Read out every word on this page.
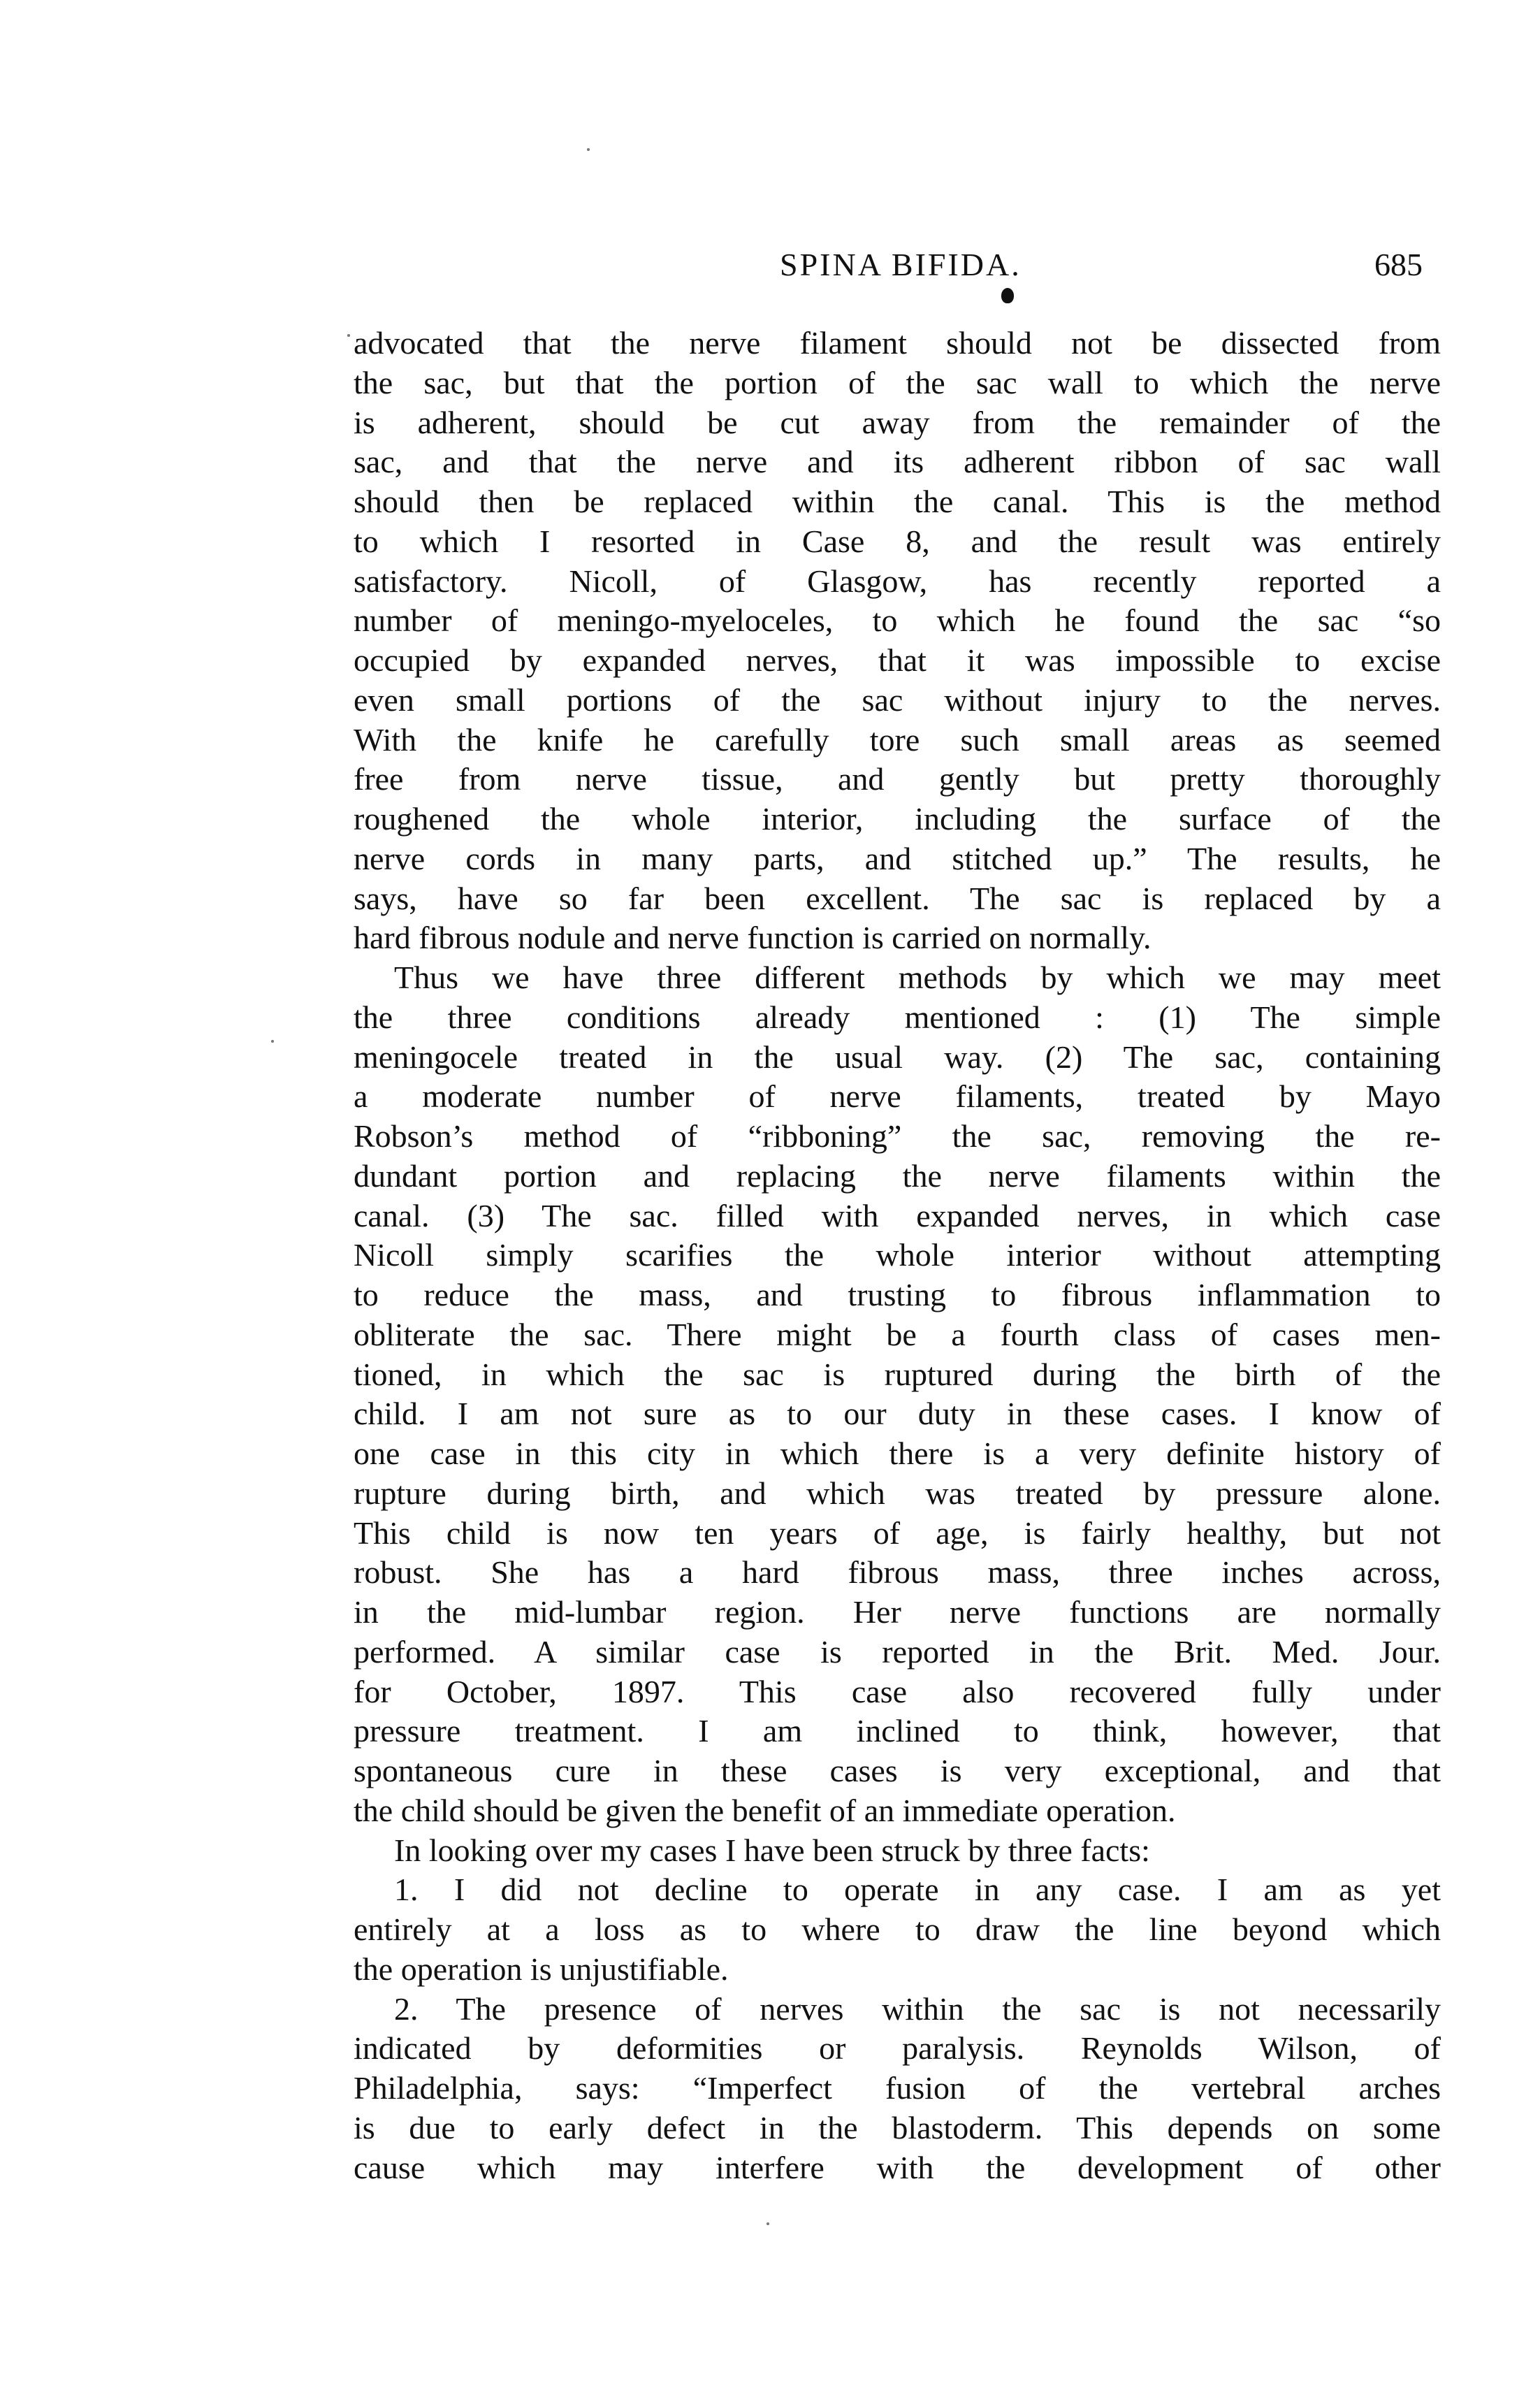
SPINA BIFIDA.	685
advocated that the nerve filament should not be dissected from
the sac, but that the portion of the sac wall to which the nerve
is adherent, should be cut away from the remainder of the
sac, and that the nerve and its adherent ribbon of sac wall
should then be replaced within the canal. This is the method
to which I resorted in Case 8, and the result was entirely
satisfactory. Nicoll, of Glasgow, has recently reported a
number of meningo-myeloceles, to which he found the sac “so
occupied by expanded nerves, that it was impossible to excise
even small portions of the sac without injury to the nerves.
With the knife he carefully tore such small areas as seemed
free from nerve tissue, and gently but pretty thoroughly
roughened the whole interior, including the surface of the
nerve cords in many parts, and stitched up.” The results, he
says, have so far been excellent. The sac is replaced by a
hard fibrous nodule and nerve function is carried on normally.
Thus we have three different methods by which we may meet
the three conditions already mentioned : (1) The simple
meningocele treated in the usual way. (2) The sac, containing
a moderate number of nerve filaments, treated by Mayo
Robson’s method of “ribboning” the sac, removing the re-
dundant portion and replacing the nerve filaments within the
canal. (3) The sac. filled with expanded nerves, in which case
Nicoll simply scarifies the whole interior without attempting
to reduce the mass, and trusting to fibrous inflammation to
obliterate the sac. There might be a fourth class of cases men-
tioned, in which the sac is ruptured during the birth of the
child. I am not sure as to our duty in these cases. I know of
one case in this city in which there is a very definite history of
rupture during birth, and which was treated by pressure alone.
This child is now ten years of age, is fairly healthy, but not
robust. She has a hard fibrous mass, three inches across,
in the mid-lumbar region. Her nerve functions are normally
performed. A similar case is reported in the Brit. Med. Jour.
for October, 1897. This case also recovered fully under
pressure treatment. I am inclined to think, however, that
spontaneous cure in these cases is very exceptional, and that
the child should be given the benefit of an immediate operation.
In looking over my cases I have been struck by three facts:
1. I did not decline to operate in any case. I am as yet
entirely at a loss as to where to draw the line beyond which
the operation is unjustifiable.
2. The presence of nerves within the sac is not necessarily
indicated by deformities or paralysis. Reynolds Wilson, of
Philadelphia, says: “Imperfect fusion of the vertebral arches
is due to early defect in the blastoderm. This depends on some
cause which may interfere with the development of other
